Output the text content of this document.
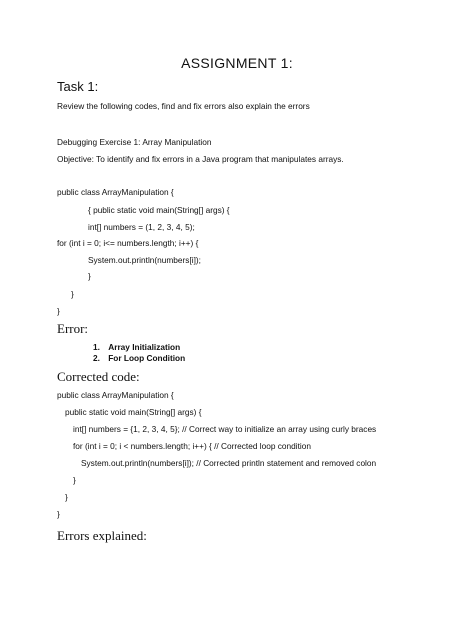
ASSIGNMENT 1:
Task 1:
Review the following codes, find and fix errors also explain the errors
Debugging Exercise 1: Array Manipulation
Objective: To identify and fix errors in a Java program that manipulates arrays.
public class ArrayManipulation {
{ public static void main(String[] args) {
int[] numbers = (1, 2, 3, 4, 5);
for (int i = 0; i<= numbers.length; i++) {
System.out.println(numbers[i]);
}
}
}
Error:
1. Array Initialization
2. For Loop Condition
Corrected code:
public class ArrayManipulation {
public static void main(String[] args) {
int[] numbers = {1, 2, 3, 4, 5}; // Correct way to initialize an array using curly braces
for (int i = 0; i < numbers.length; i++) { // Corrected loop condition
System.out.println(numbers[i]); // Corrected println statement and removed colon
}
}
}
Errors explained:
